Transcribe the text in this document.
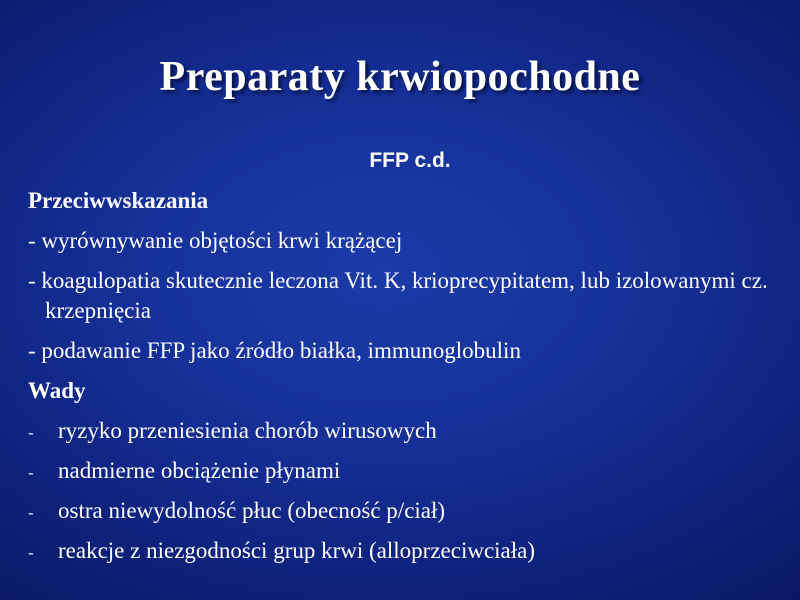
Preparaty krwiopochodne
FFP c.d.
Przeciwwskazania
- wyrównywanie objętości krwi krążącej
- koagulopatia skutecznie leczona Vit. K, krioprecypitatem, lub izolowanymi cz. krzepnięcia
- podawanie FFP jako źródło białka, immunoglobulin
Wady
-	ryzyko przeniesienia chorób wirusowych
-	nadmierne obciążenie płynami
-	ostra niewydolność płuc (obecność p/ciał)
-	reakcje z niezgodności grup krwi (alloprzeciwciała)
